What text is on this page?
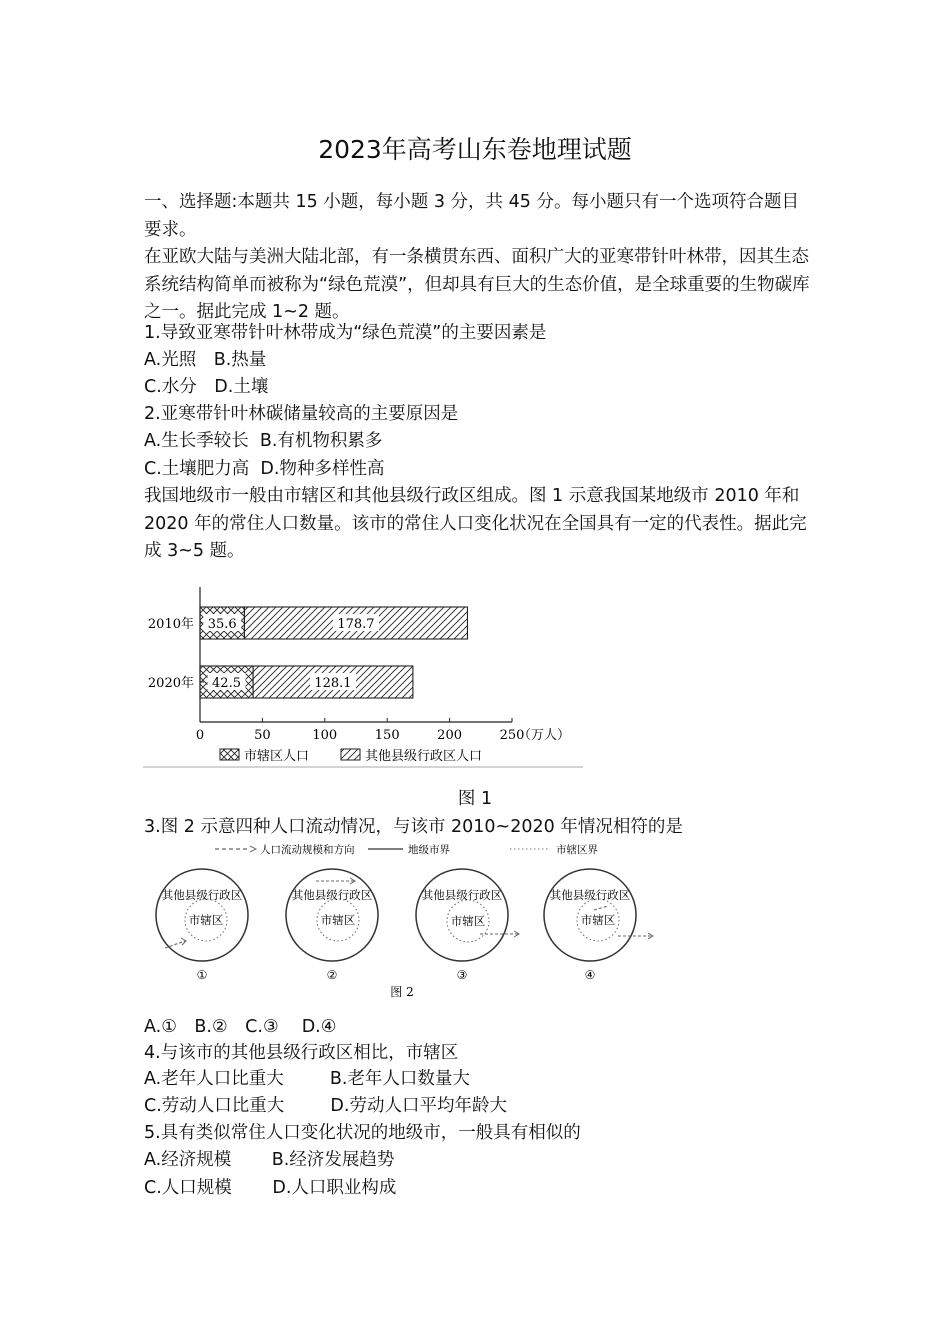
2023年高考山东卷地理试题
一、选择题:本题共 15 小题，每小题 3 分，共 45 分。每小题只有一个选项符合题目要求。
在亚欧大陆与美洲大陆北部，有一条横贯东西、面积广大的亚寒带针叶林带，因其生态系统结构简单而被称为“绿色荒漠”，但却具有巨大的生态价值，是全球重要的生物碳库之一。据此完成 1~2 题。
1.导致亚寒带针叶林带成为“绿色荒漠”的主要因素是
A.光照　B.热量
C.水分　D.土壤
2.亚寒带针叶林碳储量较高的主要原因是
A.生长季较长  B.有机物积累多
C.土壤肥力高  D.物种多样性高
我国地级市一般由市辖区和其他县级行政区组成。图 1 示意我国某地级市 2010 年和 2020 年的常住人口数量。该市的常住人口变化状况在全国具有一定的代表性。据此完成 3~5 题。
0	50	100	150	200	250
（万人）
2010年 35.6	178.7
2020年 42.5	128.1
市辖区人口	其他县级行政区人口
图 1
3.图 2 示意四种人口流动情况，与该市 2010~2020 年情况相符的是
人口流动规模和方向	地级市界	市辖区界
其他县级行政区
市辖区
①
其他县级行政区
市辖区
②
其他县级行政区
市辖区
③
其他县级行政区
市辖区
④
图 2
A.①　B.②　C.③　 D.④
4.与该市的其他县级行政区相比，市辖区
A.老年人口比重大　　  B.老年人口数量大
C.劳动人口比重大　　  D.劳动人口平均年龄大
5.具有类似常住人口变化状况的地级市，一般具有相似的
A.经济规模　　 B.经济发展趋势
C.人口规模　　 D.人口职业构成
